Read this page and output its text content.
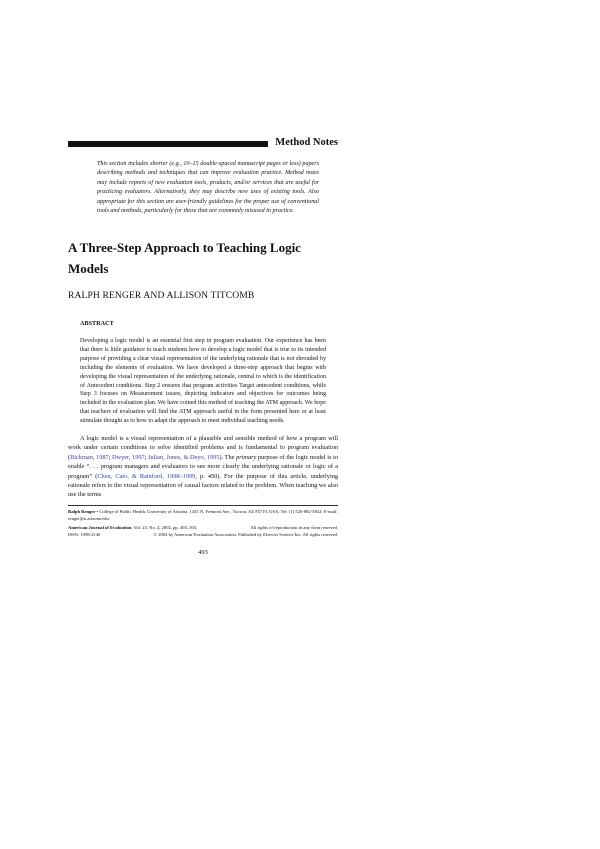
Method Notes
This section includes shorter (e.g., 10–15 double-spaced manuscript pages or less) papers describing methods and techniques that can improve evaluation practice. Method notes may include reports of new evaluation tools, products, and/or services that are useful for practicing evaluators. Alternatively, they may describe new uses of existing tools. Also appropriate for this section are user-friendly guidelines for the proper use of conventional tools and methods, particularly for those that are commonly misused in practice.
A Three-Step Approach to Teaching Logic Models
RALPH RENGER AND ALLISON TITCOMB
ABSTRACT
Developing a logic model is an essential first step in program evaluation. Our experience has been that there is little guidance to teach students how to develop a logic model that is true to its intended purpose of providing a clear visual representation of the underlying rationale that is not shrouded by including the elements of evaluation. We have developed a three-step approach that begins with developing the visual representation of the underlying rationale, central to which is the identification of Antecedent conditions. Step 2 ensures that program activities Target antecedent conditions, while Step 3 focuses on Measurement issues, depicting indicators and objectives for outcomes being included in the evaluation plan. We have coined this method of teaching the ATM approach. We hope that teachers of evaluation will find the ATM approach useful in the form presented here or at least stimulate thought as to how to adapt the approach to meet individual teaching needs.
A logic model is a visual representation of a plausible and sensible method of how a program will work under certain conditions to solve identified problems and is fundamental to program evaluation (Bickman, 1987; Dwyer, 1997; Julian, Jones, & Deyo, 1995). The primary purpose of the logic model is to enable “. . . program managers and evaluators to see more clearly the underlying rationale or logic of a program” (Chen, Cato, & Rainford, 1998–1999, p. 450). For the purpose of this article, underlying rationale refers to the visual representation of causal factors related to the problem. When teaching we also use the terms
Ralph Renger • College of Public Health, University of Arizona, 1435 N. Fremont Ave., Tucson, AZ 85719, USA; Tel: (1) 520-882-5832; E-mail: renger@u.arizona.edu.
American Journal of Evaluation, Vol. 23, No. 4, 2002, pp. 493–503.	All rights of reproduction in any form reserved.
ISSN: 1098-2140	© 2002 by American Evaluation Association. Published by Elsevier Science Inc. All rights reserved.
493
